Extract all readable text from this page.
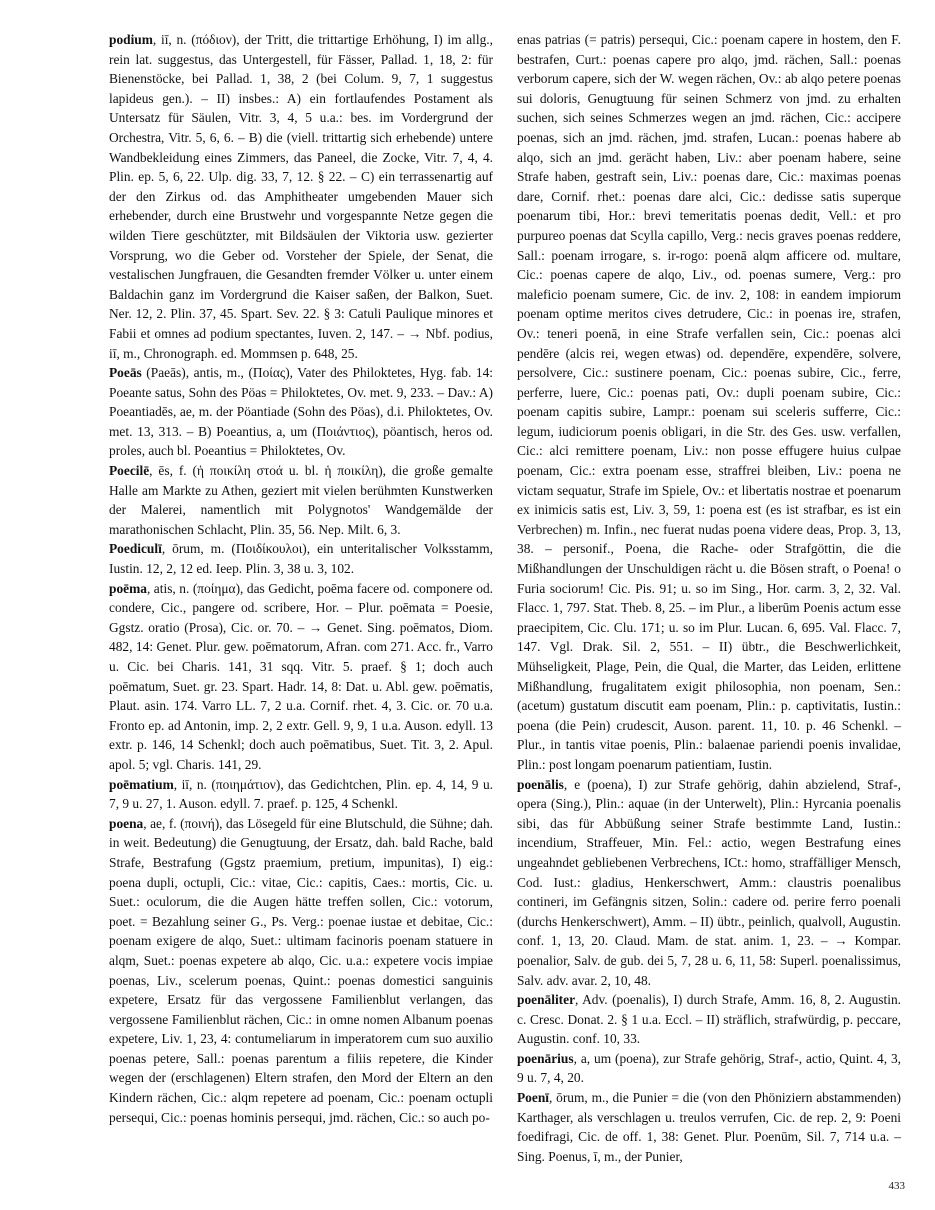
podium, iī, n. (πόδιον), der Tritt, die trittartige Erhöhung, I) im allg., rein lat. suggestus, das Untergestell, für Fässer, Pallad. 1, 18, 2: für Bienenstöcke, bei Pallad. 1, 38, 2 (bei Colum. 9, 7, 1 suggestus lapideus gen.). – II) insbes.: A) ein fortlaufendes Postament als Untersatz für Säulen, Vitr. 3, 4, 5 u.a.: bes. im Vordergrund der Orchestra, Vitr. 5, 6, 6. – B) die (viell. trittartig sich erhebende) untere Wandbekleidung eines Zimmers, das Paneel, die Zocke, Vitr. 7, 4, 4. Plin. ep. 5, 6, 22. Ulp. dig. 33, 7, 12. § 22. – C) ein terrassenartig auf der den Zirkus od. das Amphitheater umgebenden Mauer sich erhebender, durch eine Brustwehr und vorgespannte Netze gegen die wilden Tiere geschützter, mit Bildsäulen der Viktoria usw. gezierter Vorsprung, wo die Geber od. Vorsteher der Spiele, der Senat, die vestalischen Jungfrauen, die Gesandten fremder Völker u. unter einem Baldachin ganz im Vordergrund die Kaiser saßen, der Balkon, Suet. Ner. 12, 2. Plin. 37, 45. Spart. Sev. 22. § 3: Catuli Paulique minores et Fabii et omnes ad podium spectantes, Iuven. 2, 147. – → Nbf. podius, iī, m., Chronograph. ed. Mommsen p. 648, 25.

Poeās (Paeās), antis, m., (Ποίας), Vater des Philoktetes, Hyg. fab. 14: Poeante satus, Sohn des Pöas = Philoktetes, Ov. met. 9, 233. – Dav.: A) Poeantiadēs, ae, m. der Pöantiade (Sohn des Pöas), d.i. Philoktetes, Ov. met. 13, 313. – B) Poeantius, a, um (Ποιάντιος), pöantisch, heros od. proles, auch bl. Poeantius = Philoktetes, Ov.

Poecilē, ēs, f. (ἡ ποικίλη στοά u. bl. ἡ ποικίλη), die große gemalte Halle am Markte zu Athen, geziert mit vielen berühmten Kunstwerken der Malerei, namentlich mit Polygnotos' Wandgemälde der marathonischen Schlacht, Plin. 35, 56. Nep. Milt. 6, 3.

Poediculī, ōrum, m. (Ποιδίκουλοι), ein unteritalischer Volksstamm, Iustin. 12, 2, 12 ed. Ieep. Plin. 3, 38 u. 3, 102.

poēma, atis, n. (ποίημα), das Gedicht, poēma facere od. componere od. condere, Cic., pangere od. scribere, Hor. – Plur. poēmata = Poesie, Ggstz. oratio (Prosa), Cic. or. 70. – → Genet. Sing. poēmatos, Diom. 482, 14: Genet. Plur. gew. poēmatorum, Afran. com 271. Acc. fr., Varro u. Cic. bei Charis. 141, 31 sqq. Vitr. 5. praef. § 1; doch auch poēmatum, Suet. gr. 23. Spart. Hadr. 14, 8: Dat. u. Abl. gew. poēmatis, Plaut. asin. 174. Varro LL. 7, 2 u.a. Cornif. rhet. 4, 3. Cic. or. 70 u.a. Fronto ep. ad Antonin, imp. 2, 2 extr. Gell. 9, 9, 1 u.a. Auson. edyll. 13 extr. p. 146, 14 Schenkl; doch auch poēmatibus, Suet. Tit. 3, 2. Apul. apol. 5; vgl. Charis. 141, 29.

poēmatium, iī, n. (ποιημάτιον), das Gedichtchen, Plin. ep. 4, 14, 9 u. 7, 9 u. 27, 1. Auson. edyll. 7. praef. p. 125, 4 Schenkl.

poena, ae, f. (ποινή), das Lösegeld für eine Blutschuld, die Sühne; dah. in weit. Bedeutung) die Genugtuung, der Ersatz, dah. bald Rache, bald Strafe, Bestrafung (Ggstz praemium, pretium, impunitas), I) eig.: poena dupli, octupli, Cic.: vitae, Cic.: capitis, Caes.: mortis, Cic. u. Suet.: oculorum, die die Augen hätte treffen sollen, Cic.: votorum, poet. = Bezahlung seiner G., Ps. Verg.: poenae iustae et debitae, Cic.: poenam exigere de alqo, Suet.: ultimam facinoris poenam statuere in alqm, Suet.: poenas expetere ab alqo, Cic. u.a.: expetere vocis impiae poenas, Liv., scelerum poenas, Quint.: poenas domestici sanguinis expetere, Ersatz für das vergossene Familienblut verlangen, das vergossene Familienblut rächen, Cic.: in omne nomen Albanum poenas expetere, Liv. 1, 23, 4: contumeliarum in imperatorem cum suo auxilio poenas petere, Sall.: poenas parentum a filiis repetere, die Kinder wegen der (erschlagenen) Eltern strafen, den Mord der Eltern an den Kindern rächen, Cic.: alqm repetere ad poenam, Cic.: poenam octupli persequi, Cic.: poenas hominis persequi, jmd. rächen, Cic.: so auch po-

enas patrias (= patris) persequi, Cic.: poenam capere in hostem, den F. bestrafen, Curt.: poenas capere pro alqo, jmd. rächen, Sall.: poenas verborum capere, sich der W. wegen rächen, Ov.: ab alqo petere poenas sui doloris, Genugtuung für seinen Schmerz von jmd. zu erhalten suchen, sich seines Schmerzes wegen an jmd. rächen, Cic.: accipere poenas, sich an jmd. rächen, jmd. strafen, Lucan.: poenas habere ab alqo, sich an jmd. gerächt haben, Liv.: aber poenam habere, seine Strafe haben, gestraft sein, Liv.: poenas dare, Cic.: maximas poenas dare, Cornif. rhet.: poenas dare alci, Cic.: dedisse satis superque poenarum tibi, Hor.: brevi temeritatis poenas dedit, Vell.: et pro purpureo poenas dat Scylla capillo, Verg.: necis graves poenas reddere, Sall.: poenam irrogare, s. ir-rogo: poenā alqm afficere od. multare, Cic.: poenas capere de alqo, Liv., od. poenas sumere, Verg.: pro maleficio poenam sumere, Cic. de inv. 2, 108: in eandem impiorum poenam optime meritos cives detrudere, Cic.: in poenas ire, strafen, Ov.: teneri poenā, in eine Strafe verfallen sein, Cic.: poenas alci pendēre (alcis rei, wegen etwas) od. dependēre, expendēre, solvere, persolvere, Cic.: sustinere poenam, Cic.: poenas subire, Cic., ferre, perferre, luere, Cic.: poenas pati, Ov.: dupli poenam subire, Cic.: poenam capitis subire, Lampr.: poenam sui sceleris sufferre, Cic.: legum, iudiciorum poenis obligari, in die Str. des Ges. usw. verfallen, Cic.: alci remittere poenam, Liv.: non posse effugere huius culpae poenam, Cic.: extra poenam esse, straffrei bleiben, Liv.: poena ne victam sequatur, Strafe im Spiele, Ov.: et libertatis nostrae et poenarum ex inimicis satis est, Liv. 3, 59, 1: poena est (es ist strafbar, es ist ein Verbrechen) m. Infin., nec fuerat nudas poena videre deas, Prop. 3, 13, 38. – personif., Poena, die Rache- oder Strafgöttin, die die Mißhandlungen der Unschuldigen rächt u. die Bösen straft, o Poena! o Furia sociorum! Cic. Pis. 91; u. so im Sing., Hor. carm. 3, 2, 32. Val. Flacc. 1, 797. Stat. Theb. 8, 25. – im Plur., a liberūm Poenis actum esse praecipitem, Cic. Clu. 171; u. so im Plur. Lucan. 6, 695. Val. Flacc. 7, 147. Vgl. Drak. Sil. 2, 551. – II) übtr., die Beschwerlichkeit, Mühseligkeit, Plage, Pein, die Qual, die Marter, das Leiden, erlittene Mißhandlung, frugalitatem exigit philosophia, non poenam, Sen.: (acetum) gustatum discutit eam poenam, Plin.: p. captivitatis, Iustin.: poena (die Pein) crudescit, Auson. parent. 11, 10. p. 46 Schenkl. – Plur., in tantis vitae poenis, Plin.: balaenae pariendi poenis invalidae, Plin.: post longam poenarum patientiam, Iustin.

poenālis, e (poena), I) zur Strafe gehörig, dahin abzielend, Straf-, opera (Sing.), Plin.: aquae (in der Unterwelt), Plin.: Hyrcania poenalis sibi, das für Abbüßung seiner Strafe bestimmte Land, Iustin.: incendium, Straffeuer, Min. Fel.: actio, wegen Bestrafung eines ungeahndet gebliebenen Verbrechens, ICt.: homo, straffälliger Mensch, Cod. Iust.: gladius, Henkerschwert, Amm.: claustris poenalibus contineri, im Gefängnis sitzen, Solin.: cadere od. perire ferro poenali (durchs Henkerschwert), Amm. – II) übtr., peinlich, qualvoll, Augustin. conf. 1, 13, 20. Claud. Mam. de stat. anim. 1, 23. – → Kompar. poenalior, Salv. de gub. dei 5, 7, 28 u. 6, 11, 58: Superl. poenalissimus, Salv. adv. avar. 2, 10, 48.

poenāliter, Adv. (poenalis), I) durch Strafe, Amm. 16, 8, 2. Augustin. c. Cresc. Donat. 2. § 1 u.a. Eccl. – II) sträflich, strafwürdig, p. peccare, Augustin. conf. 10, 33.

poenārius, a, um (poena), zur Strafe gehörig, Straf-, actio, Quint. 4, 3, 9 u. 7, 4, 20.

Poenī, ōrum, m., die Punier = die (von den Phöniziern abstammenden) Karthager, als verschlagen u. treulos verrufen, Cic. de rep. 2, 9: Poeni foedifragi, Cic. de off. 1, 38: Genet. Plur. Poenūm, Sil. 7, 714 u.a. – Sing. Poenus, ī, m., der Punier,

433
